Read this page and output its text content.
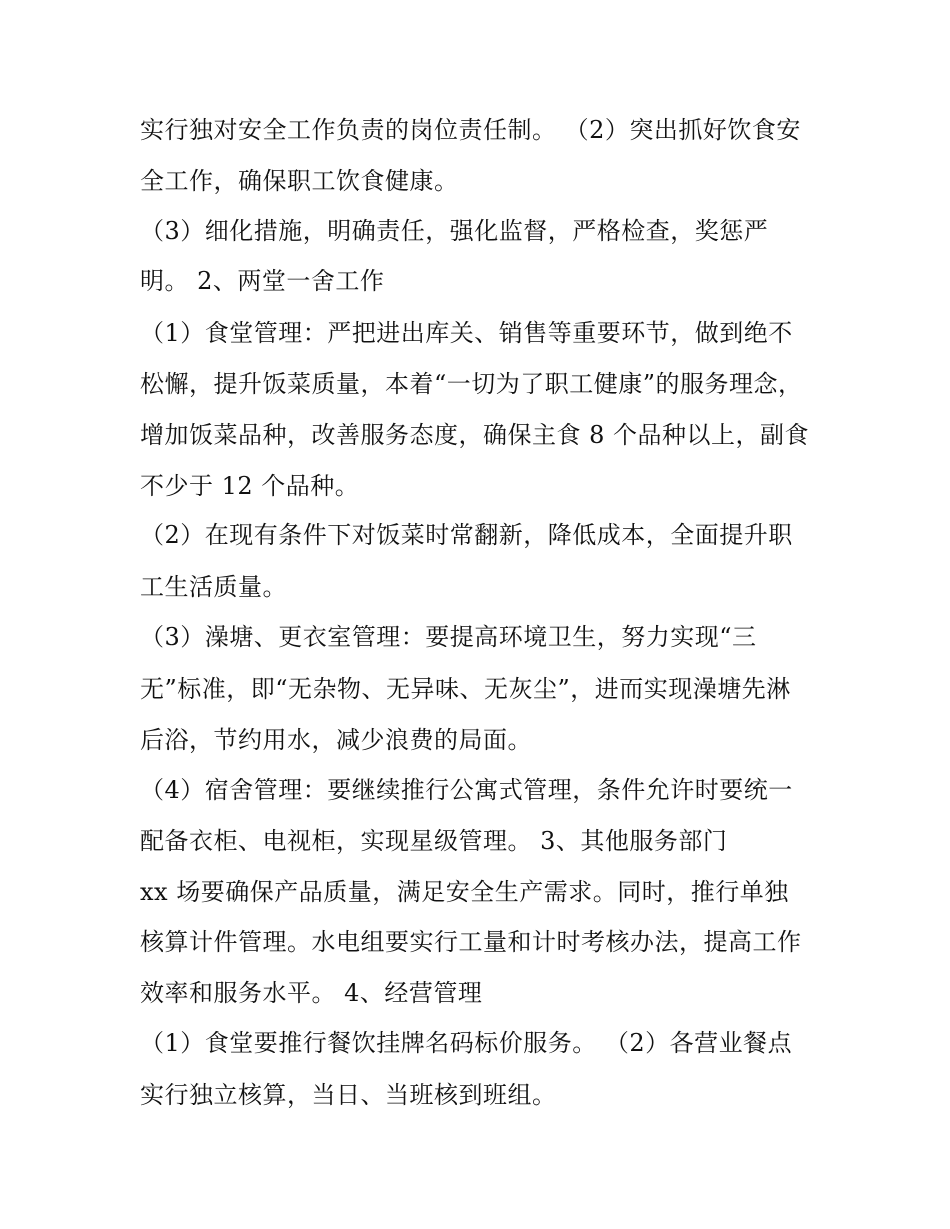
实行独对安全工作负责的岗位责任制。 （2）突出抓好饮食安
全工作，确保职工饮食健康。
（3）细化措施，明确责任，强化监督，严格检查，奖惩严
明。 2、两堂一舍工作
（1）食堂管理：严把进出库关、销售等重要环节，做到绝不
松懈，提升饭菜质量，本着“一切为了职工健康”的服务理念，
增加饭菜品种，改善服务态度，确保主食 8 个品种以上，副食
不少于 12 个品种。
（2）在现有条件下对饭菜时常翻新，降低成本，全面提升职
工生活质量。
（3）澡塘、更衣室管理：要提高环境卫生，努力实现“三
无”标准，即“无杂物、无异味、无灰尘”，进而实现澡塘先淋
后浴，节约用水，减少浪费的局面。
（4）宿舍管理：要继续推行公寓式管理，条件允许时要统一
配备衣柜、电视柜，实现星级管理。 3、其他服务部门
xx 场要确保产品质量，满足安全生产需求。同时，推行单独
核算计件管理。水电组要实行工量和计时考核办法，提高工作
效率和服务水平。 4、经营管理
（1）食堂要推行餐饮挂牌名码标价服务。 （2）各营业餐点
实行独立核算，当日、当班核到班组。
